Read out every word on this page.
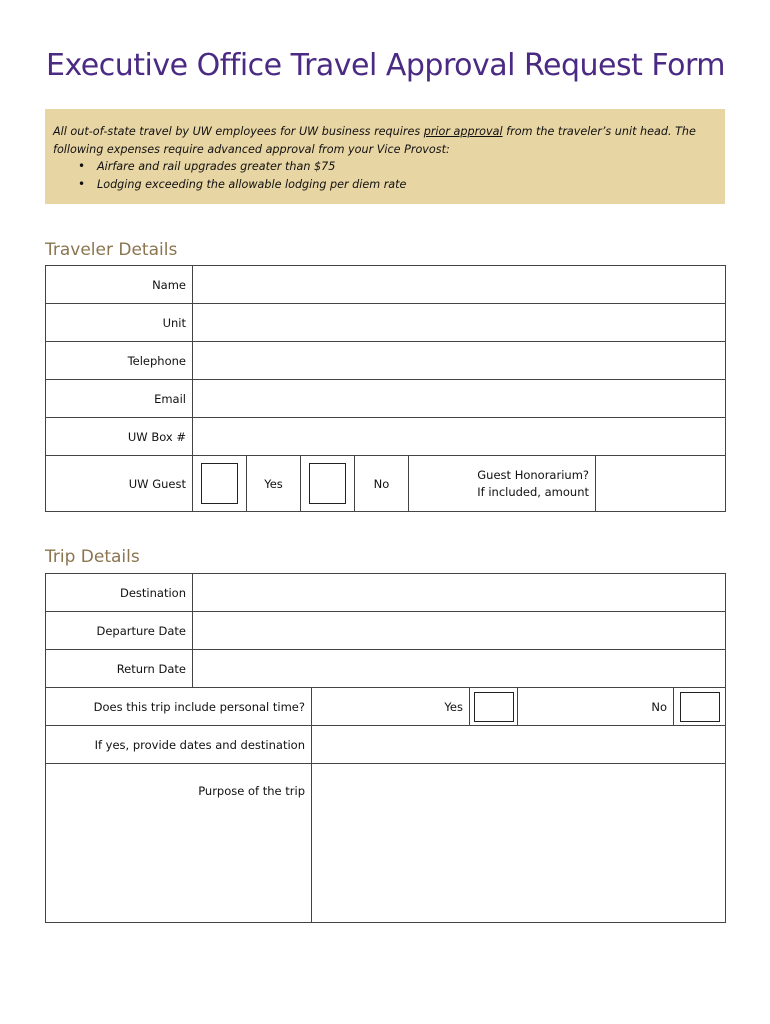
Executive Office Travel Approval Request Form

All out-of-state travel by UW employees for UW business requires prior approval from the traveler’s unit head. The following expenses require advanced approval from your Vice Provost:

• Airfare and rail upgrades greater than $75
• Lodging exceeding the allowable lodging per diem rate
Traveler Details
Name						
Unit						
Telephone						
Email						
UW Box #						
UW Guest		Yes		No	Guest Honorarium?
If included, amount	
Trip Details
Destination					
Departure Date					
Return Date					
Does this trip include personal time?		Yes		No	

If yes, provide dates and destination					
Purpose of the trip					
